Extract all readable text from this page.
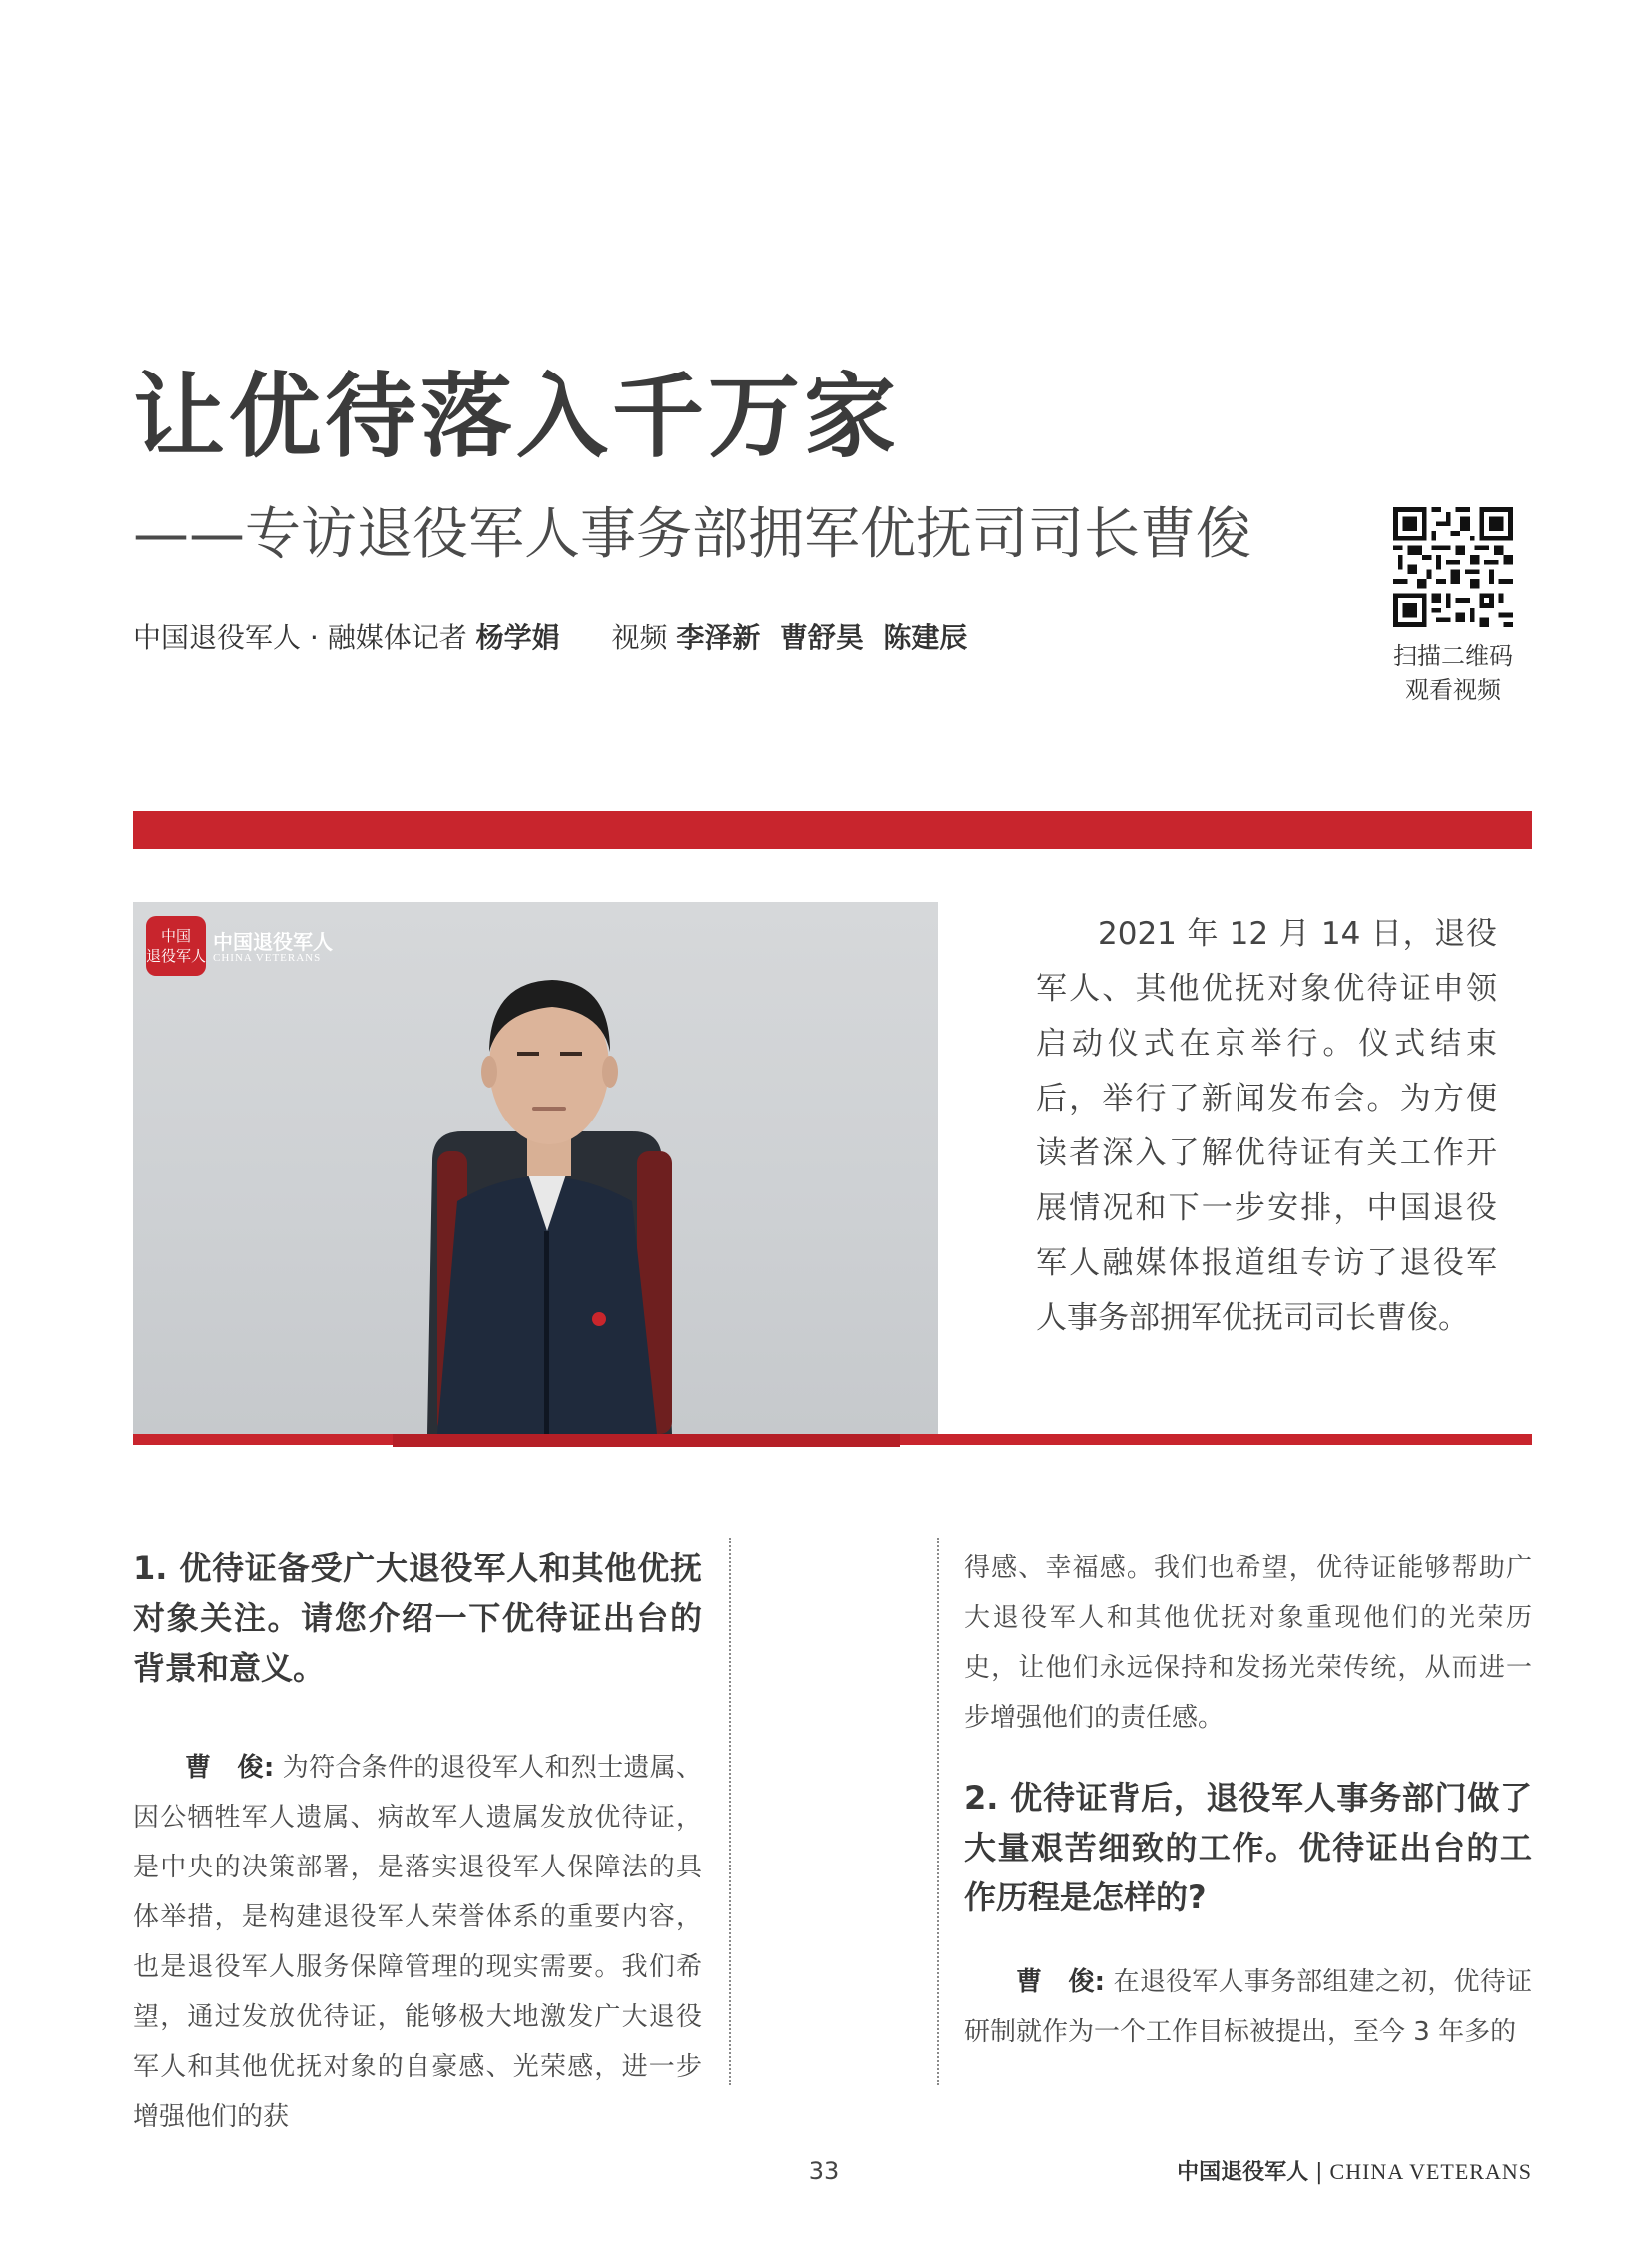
让优待落入千万家
——专访退役军人事务部拥军优抚司司长曹俊
中国退役军人 · 融媒体记者 杨学娟 视频 李泽新  曹舒昊  陈建辰
扫描二维码
观看视频
中国
退役军人
中国退役军人
CHINA VETERANS

2021 年 12 月 14 日，退役军人、其他优抚对象优待证申领启动仪式在京举行。仪式结束后，举行了新闻发布会。为方便读者深入了解优待证有关工作开展情况和下一步安排，中国退役军人融媒体报道组专访了退役军人事务部拥军优抚司司长曹俊。

1. 优待证备受广大退役军人和其他优抚对象关注。请您介绍一下优待证出台的背景和意义。

曹　俊: 为符合条件的退役军人和烈士遗属、因公牺牲军人遗属、病故军人遗属发放优待证，是中央的决策部署，是落实退役军人保障法的具体举措，是构建退役军人荣誉体系的重要内容，也是退役军人服务保障管理的现实需要。我们希望，通过发放优待证，能够极大地激发广大退役军人和其他优抚对象的自豪感、光荣感，进一步增强他们的获

得感、幸福感。我们也希望，优待证能够帮助广大退役军人和其他优抚对象重现他们的光荣历史，让他们永远保持和发扬光荣传统，从而进一步增强他们的责任感。

2. 优待证背后，退役军人事务部门做了大量艰苦细致的工作。优待证出台的工作历程是怎样的?

曹　俊: 在退役军人事务部组建之初，优待证研制就作为一个工作目标被提出，至今 3 年多的

33	中国退役军人 | CHINA VETERANS
